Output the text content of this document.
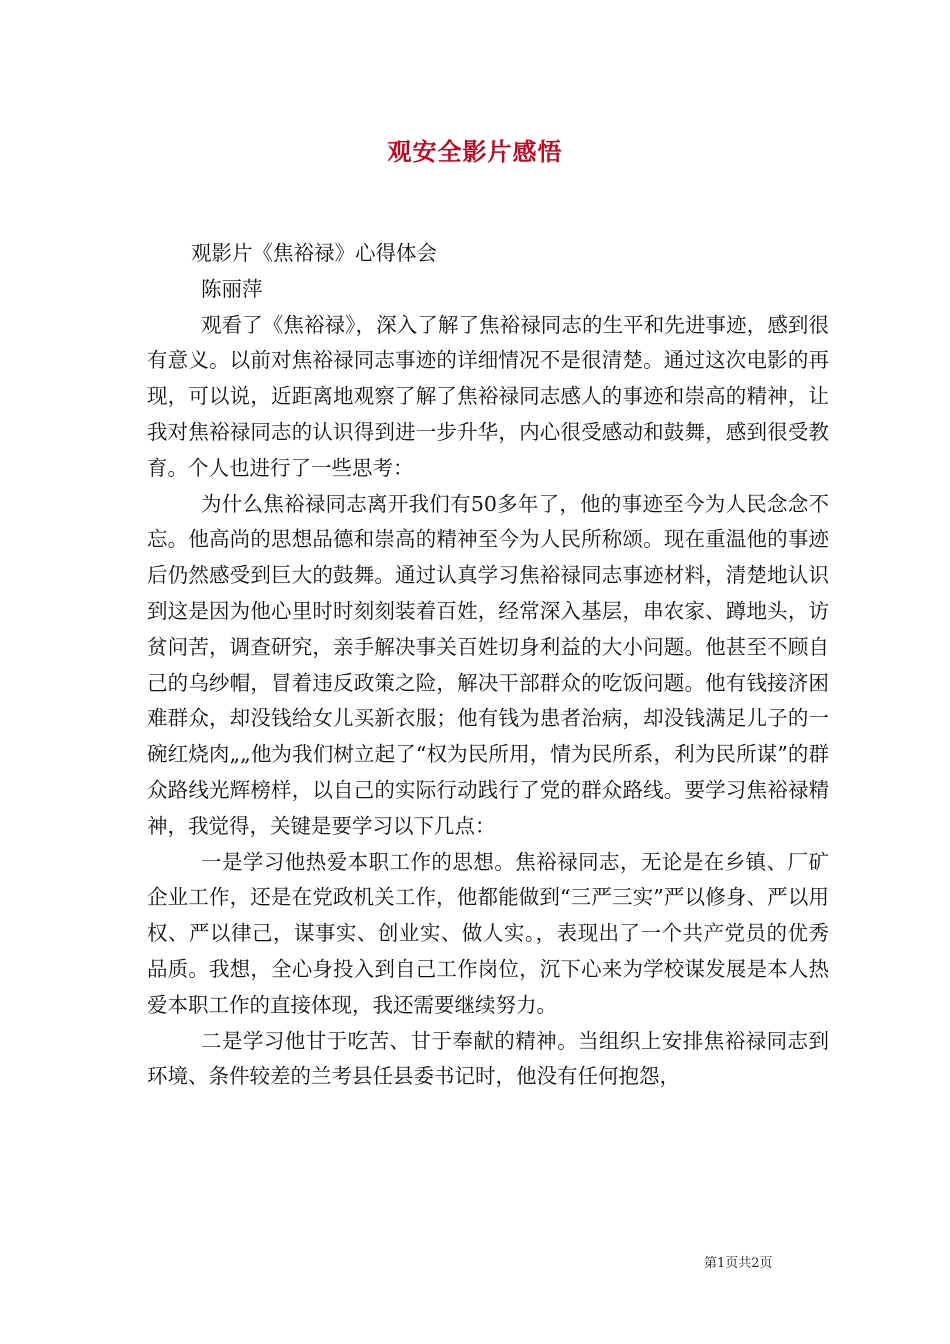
观安全影片感悟

观影片《焦裕禄》心得体会

陈丽萍

观看了《焦裕禄》，深入了解了焦裕禄同志的生平和先进事迹，感到很有意义。以前对焦裕禄同志事迹的详细情况不是很清楚。通过这次电影的再现，可以说，近距离地观察了解了焦裕禄同志感人的事迹和崇高的精神，让我对焦裕禄同志的认识得到进一步升华，内心很受感动和鼓舞，感到很受教育。个人也进行了一些思考：

为什么焦裕禄同志离开我们有50多年了，他的事迹至今为人民念念不忘。他高尚的思想品德和崇高的精神至今为人民所称颂。现在重温他的事迹后仍然感受到巨大的鼓舞。通过认真学习焦裕禄同志事迹材料，清楚地认识到这是因为他心里时时刻刻装着百姓，经常深入基层，串农家、蹲地头，访贫问苦，调查研究，亲手解决事关百姓切身利益的大小问题。他甚至不顾自己的乌纱帽，冒着违反政策之险，解决干部群众的吃饭问题。他有钱接济困难群众，却没钱给女儿买新衣服；他有钱为患者治病，却没钱满足儿子的一碗红烧肉„„他为我们树立起了“权为民所用，情为民所系，利为民所谋”的群众路线光辉榜样，以自己的实际行动践行了党的群众路线。要学习焦裕禄精神，我觉得，关键是要学习以下几点：

一是学习他热爱本职工作的思想。焦裕禄同志，无论是在乡镇、厂矿企业工作，还是在党政机关工作，他都能做到“三严三实”严以修身、严以用权、严以律己，谋事实、创业实、做人实。，表现出了一个共产党员的优秀品质。我想，全心身投入到自己工作岗位，沉下心来为学校谋发展是本人热爱本职工作的直接体现，我还需要继续努力。

二是学习他甘于吃苦、甘于奉献的精神。当组织上安排焦裕禄同志到环境、条件较差的兰考县任县委书记时，他没有任何抱怨，

第1页共2页
